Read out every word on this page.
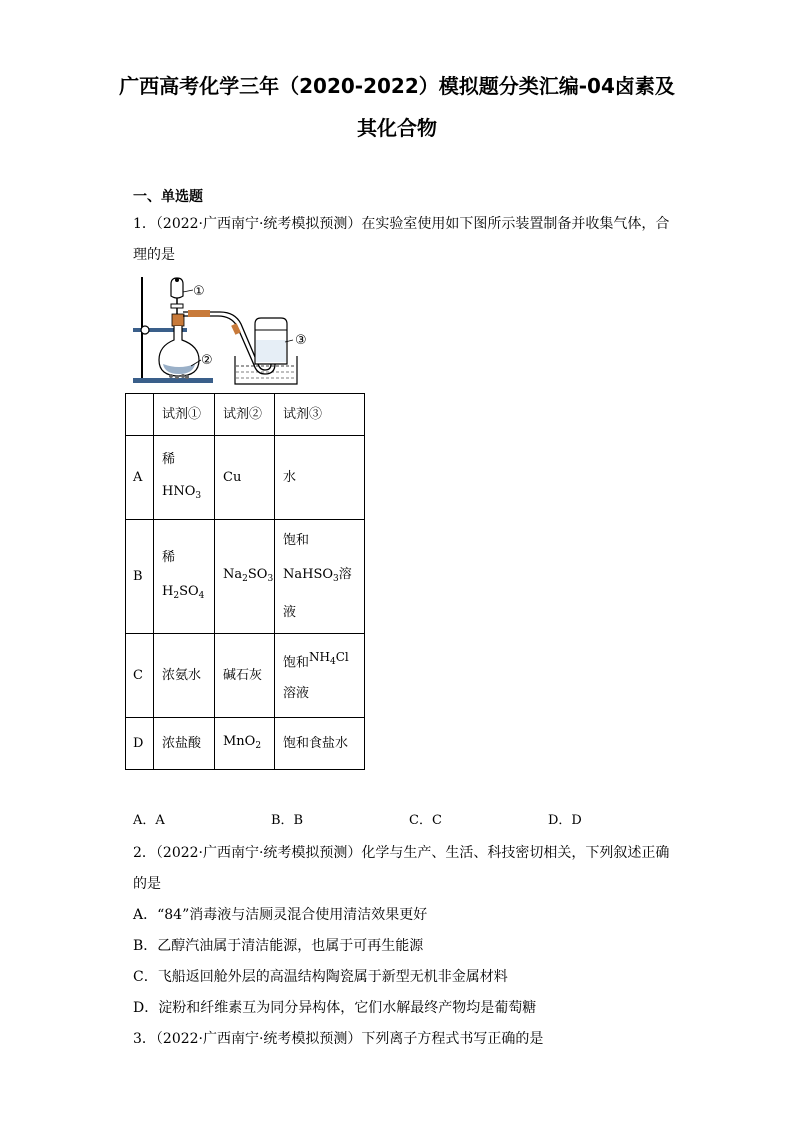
广西高考化学三年（2020-2022）模拟题分类汇编-04卤素及
其化合物
一、单选题
1．（2022·广西南宁·统考模拟预测）在实验室使用如下图所示装置制备并收集气体，合
理的是
①
②
③
	试剂①	试剂②	试剂③
A	稀
$HNO_3$	Cu	水
B	稀
$H_2SO_4$	$Na_2SO_3$	饱和
NaHSO$_3$溶
液

C	浓氨水	碱石灰	饱和$^{NH_4Cl}$
溶液

D	浓盐酸	MnO$_2$	饱和食盐水
A．A	B．B	C．C	D．D
2．（2022·广西南宁·统考模拟预测）化学与生产、生活、科技密切相关，下列叙述正确
的是
A．“84”消毒液与洁厕灵混合使用清洁效果更好
B．乙醇汽油属于清洁能源，也属于可再生能源
C．飞船返回舱外层的高温结构陶瓷属于新型无机非金属材料
D．淀粉和纤维素互为同分异构体，它们水解最终产物均是葡萄糖
3．（2022·广西南宁·统考模拟预测）下列离子方程式书写正确的是
